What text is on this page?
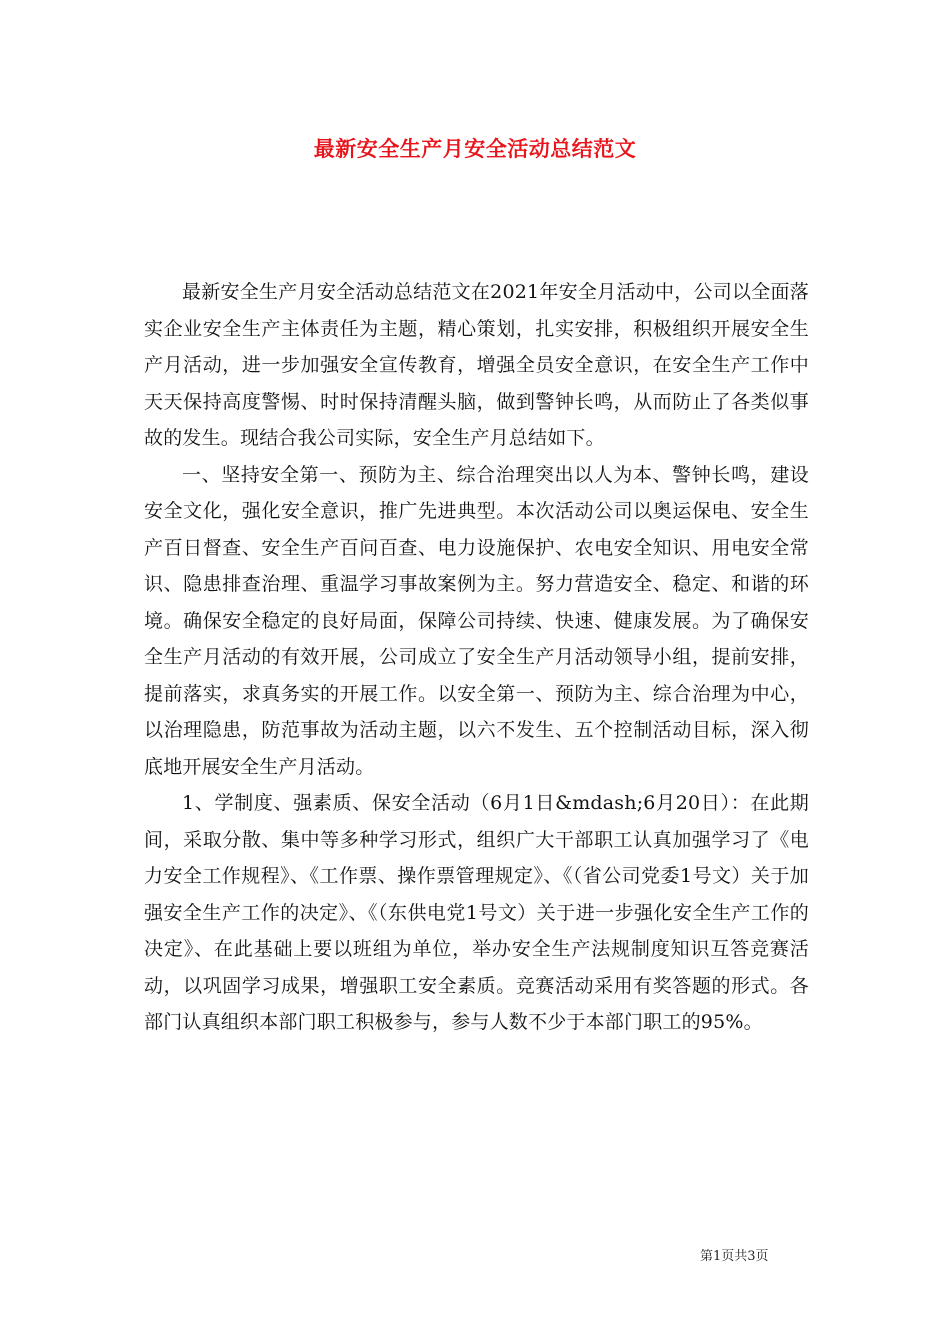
最新安全生产月安全活动总结范文

最新安全生产月安全活动总结范文在2021年安全月活动中，公司以全面落实企业安全生产主体责任为主题，精心策划，扎实安排，积极组织开展安全生产月活动，进一步加强安全宣传教育，增强全员安全意识，在安全生产工作中天天保持高度警惕、时时保持清醒头脑，做到警钟长鸣，从而防止了各类似事故的发生。现结合我公司实际，安全生产月总结如下。

一、坚持安全第一、预防为主、综合治理突出以人为本、警钟长鸣，建设安全文化，强化安全意识，推广先进典型。本次活动公司以奥运保电、安全生产百日督查、安全生产百问百查、电力设施保护、农电安全知识、用电安全常识、隐患排查治理、重温学习事故案例为主。努力营造安全、稳定、和谐的环境。确保安全稳定的良好局面，保障公司持续、快速、健康发展。为了确保安全生产月活动的有效开展，公司成立了安全生产月活动领导小组，提前安排，提前落实，求真务实的开展工作。以安全第一、预防为主、综合治理为中心，以治理隐患，防范事故为活动主题，以六不发生、五个控制活动目标，深入彻底地开展安全生产月活动。

1、学制度、强素质、保安全活动（6月1日&mdash;6月20日）：在此期间，采取分散、集中等多种学习形式，组织广大干部职工认真加强学习了《电力安全工作规程》、《工作票、操作票管理规定》、《（省公司党委1号文）关于加强安全生产工作的决定》、《（东供电党1号文）关于进一步强化安全生产工作的决定》、在此基础上要以班组为单位，举办安全生产法规制度知识互答竞赛活动，以巩固学习成果，增强职工安全素质。竞赛活动采用有奖答题的形式。各部门认真组织本部门职工积极参与，参与人数不少于本部门职工的95%。

第1页共3页
